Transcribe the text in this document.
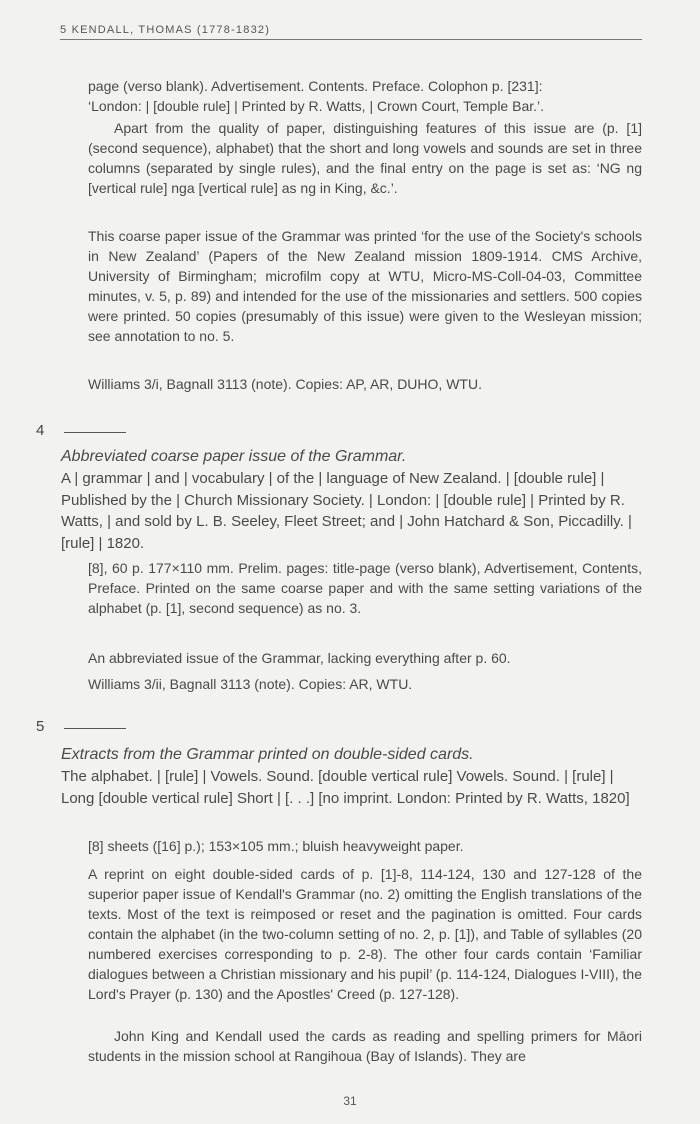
5 KENDALL, THOMAS (1778-1832)

page (verso blank). Advertisement. Contents. Preface. Colophon p. [231]:

‘London: | [double rule] | Printed by R. Watts, | Crown Court, Temple Bar.’.

Apart from the quality of paper, distinguishing features of this issue are (p. [1] (second sequence), alphabet) that the short and long vowels and sounds are set in three columns (separated by single rules), and the final entry on the page is set as: ‘NG ng [vertical rule] nga [vertical rule] as ng in King, &c.’.
This coarse paper issue of the Grammar was printed ‘for the use of the Society's schools in New Zealand’ (Papers of the New Zealand mission 1809-1914. CMS Archive, University of Birmingham; microfilm copy at WTU, Micro-MS-Coll-04-03, Committee minutes, v. 5, p. 89) and intended for the use of the missionaries and settlers. 500 copies were printed. 50 copies (presumably of this issue) were given to the Wesleyan mission; see annotation to no. 5.
Williams 3/i, Bagnall 3113 (note). Copies: AP, AR, DUHO, WTU.
4
Abbreviated coarse paper issue of the Grammar.
A | grammar | and | vocabulary | of the | language of New Zealand. | [double rule] | Published by the | Church Missionary Society. | London: | [double rule] | Printed by R. Watts, | and sold by L. B. Seeley, Fleet Street; and | John Hatchard & Son, Piccadilly. | [rule] | 1820.
[8], 60 p. 177×110 mm. Prelim. pages: title-page (verso blank), Advertisement, Contents, Preface. Printed on the same coarse paper and with the same setting variations of the alphabet (p. [1], second sequence) as no. 3.
An abbreviated issue of the Grammar, lacking everything after p. 60.
Williams 3/ii, Bagnall 3113 (note). Copies: AR, WTU.
5
Extracts from the Grammar printed on double-sided cards.
The alphabet. | [rule] | Vowels. Sound. [double vertical rule] Vowels. Sound. | [rule] | Long [double vertical rule] Short | [. . .] [no imprint. London: Printed by R. Watts, 1820]
[8] sheets ([16] p.); 153×105 mm.; bluish heavyweight paper.
A reprint on eight double-sided cards of p. [1]-8, 114-124, 130 and 127-128 of the superior paper issue of Kendall's Grammar (no. 2) omitting the English translations of the texts. Most of the text is reimposed or reset and the pagination is omitted. Four cards contain the alphabet (in the two-column setting of no. 2, p. [1]), and Table of syllables (20 numbered exercises corresponding to p. 2-8). The other four cards contain ‘Familiar dialogues between a Christian missionary and his pupil’ (p. 114-124, Dialogues I-VIII), the Lord's Prayer (p. 130) and the Apostles' Creed (p. 127-128).
John King and Kendall used the cards as reading and spelling primers for Māori students in the mission school at Rangihoua (Bay of Islands). They are
31
